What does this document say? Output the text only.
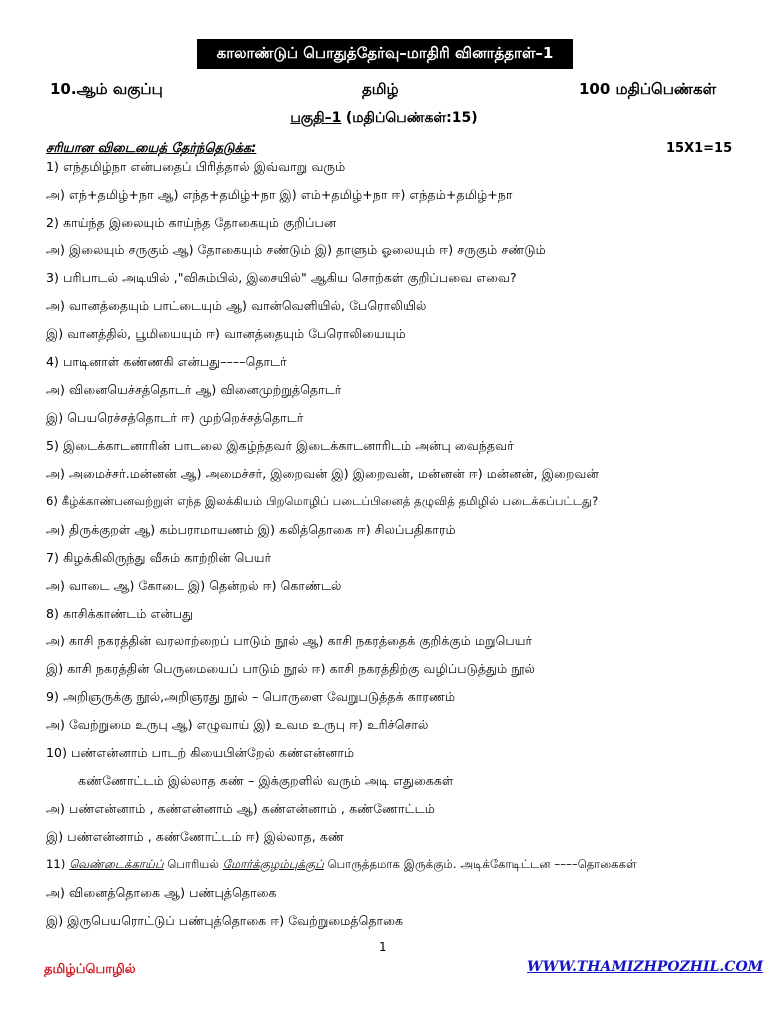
காலாண்டுப் பொதுத்தேர்வு–மாதிரி வினாத்தாள்–1
10.ஆம் வகுப்பு	தமிழ்	100 மதிப்பெண்கள்
பகுதி–1 (மதிப்பெண்கள்:15)
சரியான விடையைத் தேர்ந்தெடுக்க:	15X1=15
1) எந்தமிழ்நா என்பதைப் பிரித்தால் இவ்வாறு வரும்
அ) எந்+தமிழ்+நா ஆ) எந்த+தமிழ்+நா இ) எம்+தமிழ்+நா ஈ) எந்தம்+தமிழ்+நா
2) காய்ந்த இலையும் காய்ந்த தோகையும் குறிப்பன
அ) இலையும் சருகும் ஆ) தோகையும் சண்டும் இ) தாளும் ஓலையும் ஈ) சருகும் சண்டும்
3) பரிபாடல் அடியில் ,"விசும்பில், இசையில்" ஆகிய சொற்கள் குறிப்பவை எவை?
அ) வானத்தையும் பாட்டையும் ஆ) வான்வெளியில், பேரொலியில்
இ) வானத்தில், பூமியையும் ஈ) வானத்தையும் பேரொலியையும்
4) பாடினாள் கண்ணகி என்பது––––தொடர்
அ) வினையெச்சத்தொடர் ஆ) வினைமுற்றுத்தொடர்
இ) பெயரெச்சத்தொடர் ஈ) முற்றெச்சத்தொடர்
5) இடைக்காடனாரின் பாடலை இகழ்ந்தவர் இடைக்காடனாரிடம் அன்பு வைந்தவர்
அ) அமைச்சர்.மன்னன் ஆ) அமைச்சர், இறைவன் இ) இறைவன், மன்னன் ஈ) மன்னன், இறைவன்
6) கீழ்க்காண்பனவற்றுள் எந்த இலக்கியம் பிறமொழிப் படைப்பினைத் தழுவித் தமிழில் படைக்கப்பட்டது?
அ) திருக்குறள் ஆ) கம்பராமாயணம் இ) கலித்தொகை ஈ) சிலப்பதிகாரம்
7) கிழக்கிலிருந்து வீசும் காற்றின் பெயர்
அ) வாடை ஆ) கோடை இ) தென்றல் ஈ) கொண்டல்
8) காசிக்காண்டம் என்பது
அ) காசி நகரத்தின் வரலாற்றைப் பாடும் நூல் ஆ) காசி நகரத்தைக் குறிக்கும் மறுபெயர்
இ) காசி நகரத்தின் பெருமையைப் பாடும் நூல் ஈ) காசி நகரத்திற்கு வழிப்படுத்தும் நூல்
9) அறிஞருக்கு நூல்,அறிஞரது நூல் – பொருளை வேறுபடுத்தக் காரணம்
அ) வேற்றுமை உருபு ஆ) எழுவாய் இ) உவம உருபு ஈ) உரிச்சொல்
10) பண்என்னாம் பாடற் கியைபின்றேல் கண்என்னாம்
கண்ணோட்டம் இல்லாத கண் – இக்குறளில் வரும் அடி எதுகைகள்
அ) பண்என்னாம் , கண்என்னாம் ஆ) கண்என்னாம் , கண்ணோட்டம்
இ) பண்என்னாம் , கண்ணோட்டம் ஈ) இல்லாத, கண்
11) வெண்டைக்காய்ப் பொரியல் மோர்க்குழம்புக்குப் பொருத்தமாக இருக்கும். அடிக்கோடிட்டன ––––தொகைகள்
அ) வினைத்தொகை ஆ) பண்புத்தொகை
இ) இருபெயரொட்டுப் பண்புத்தொகை ஈ) வேற்றுமைத்தொகை
1
தமிழ்ப்பொழில்	WWW.THAMIZHPOZHIL.COM
